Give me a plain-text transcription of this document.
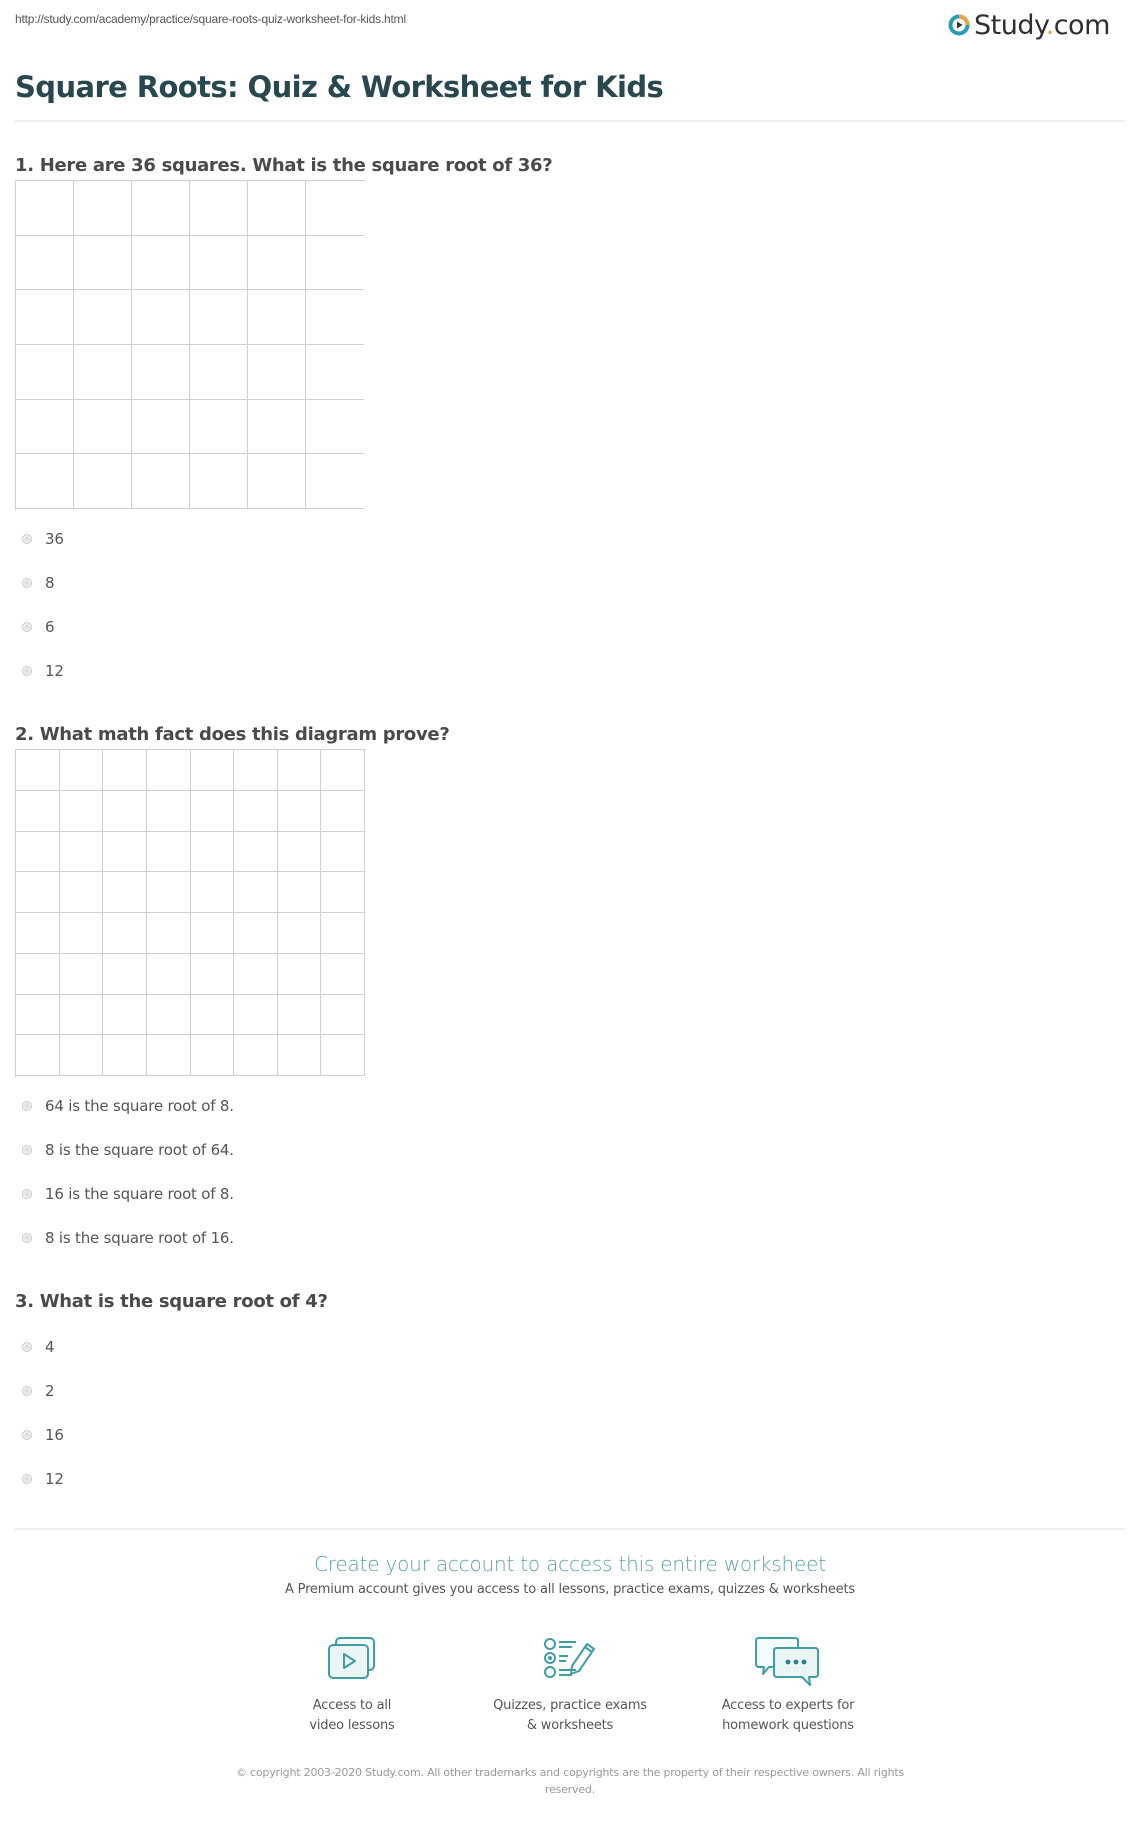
http://study.com/academy/practice/square-roots-quiz-worksheet-for-kids.html	Study.com
Square Roots: Quiz & Worksheet for Kids
1. Here are 36 squares. What is the square root of 36?
36
8
6
12
2. What math fact does this diagram prove?
64 is the square root of 8.
8 is the square root of 64.
16 is the square root of 8.
8 is the square root of 16.
3. What is the square root of 4?
4
2
16
12
Create your account to access this entire worksheet
A Premium account gives you access to all lessons, practice exams, quizzes & worksheets
Access to all
video lessons
Quizzes, practice exams
& worksheets
Access to experts for
homework questions
© copyright 2003-2020 Study.com. All other trademarks and copyrights are the property of their respective owners. All rights reserved.
